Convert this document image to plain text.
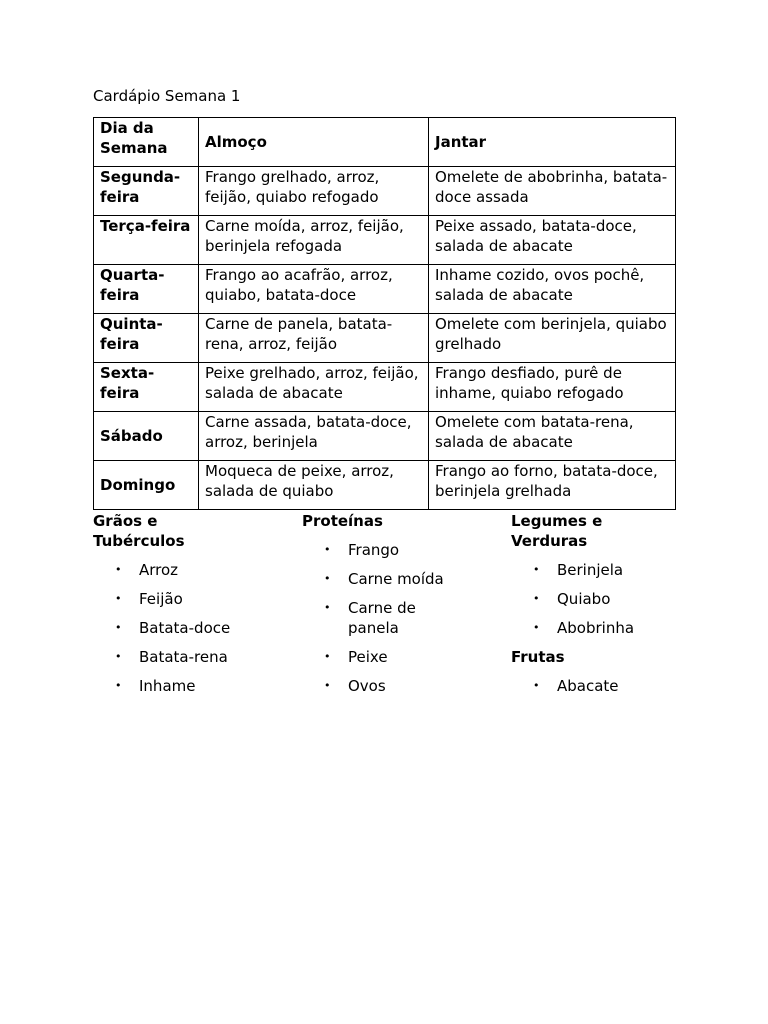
Cardápio Semana 1
Dia da Semana	Almoço	Jantar

Segunda-feira	Frango grelhado, arroz, feijão, quiabo refogado	Omelete de abobrinha, batata-doce assada

Terça-feira	Carne moída, arroz, feijão, berinjela refogada	Peixe assado, batata-doce, salada de abacate

Quarta-feira	Frango ao acafrão, arroz, quiabo, batata-doce	Inhame cozido, ovos pochê, salada de abacate

Quinta-feira	Carne de panela, batata-rena, arroz, feijão	Omelete com berinjela, quiabo grelhado

Sexta-feira	Peixe grelhado, arroz, feijão, salada de abacate	Frango desfiado, purê de inhame, quiabo refogado

Sábado	Carne assada, batata-doce, arroz, berinjela	Omelete com batata-rena, salada de abacate

Domingo	Moqueca de peixe, arroz, salada de quiabo	Frango ao forno, batata-doce, berinjela grelhada
Grãos e Tubérculos
• Arroz
• Feijão
• Batata-doce
• Batata-rena
• Inhame
Proteínas
• Frango
• Carne moída
• Carne de panela
• Peixe
• Ovos
Legumes e Verduras
• Berinjela
• Quiabo
• Abobrinha
Frutas
• Abacate
